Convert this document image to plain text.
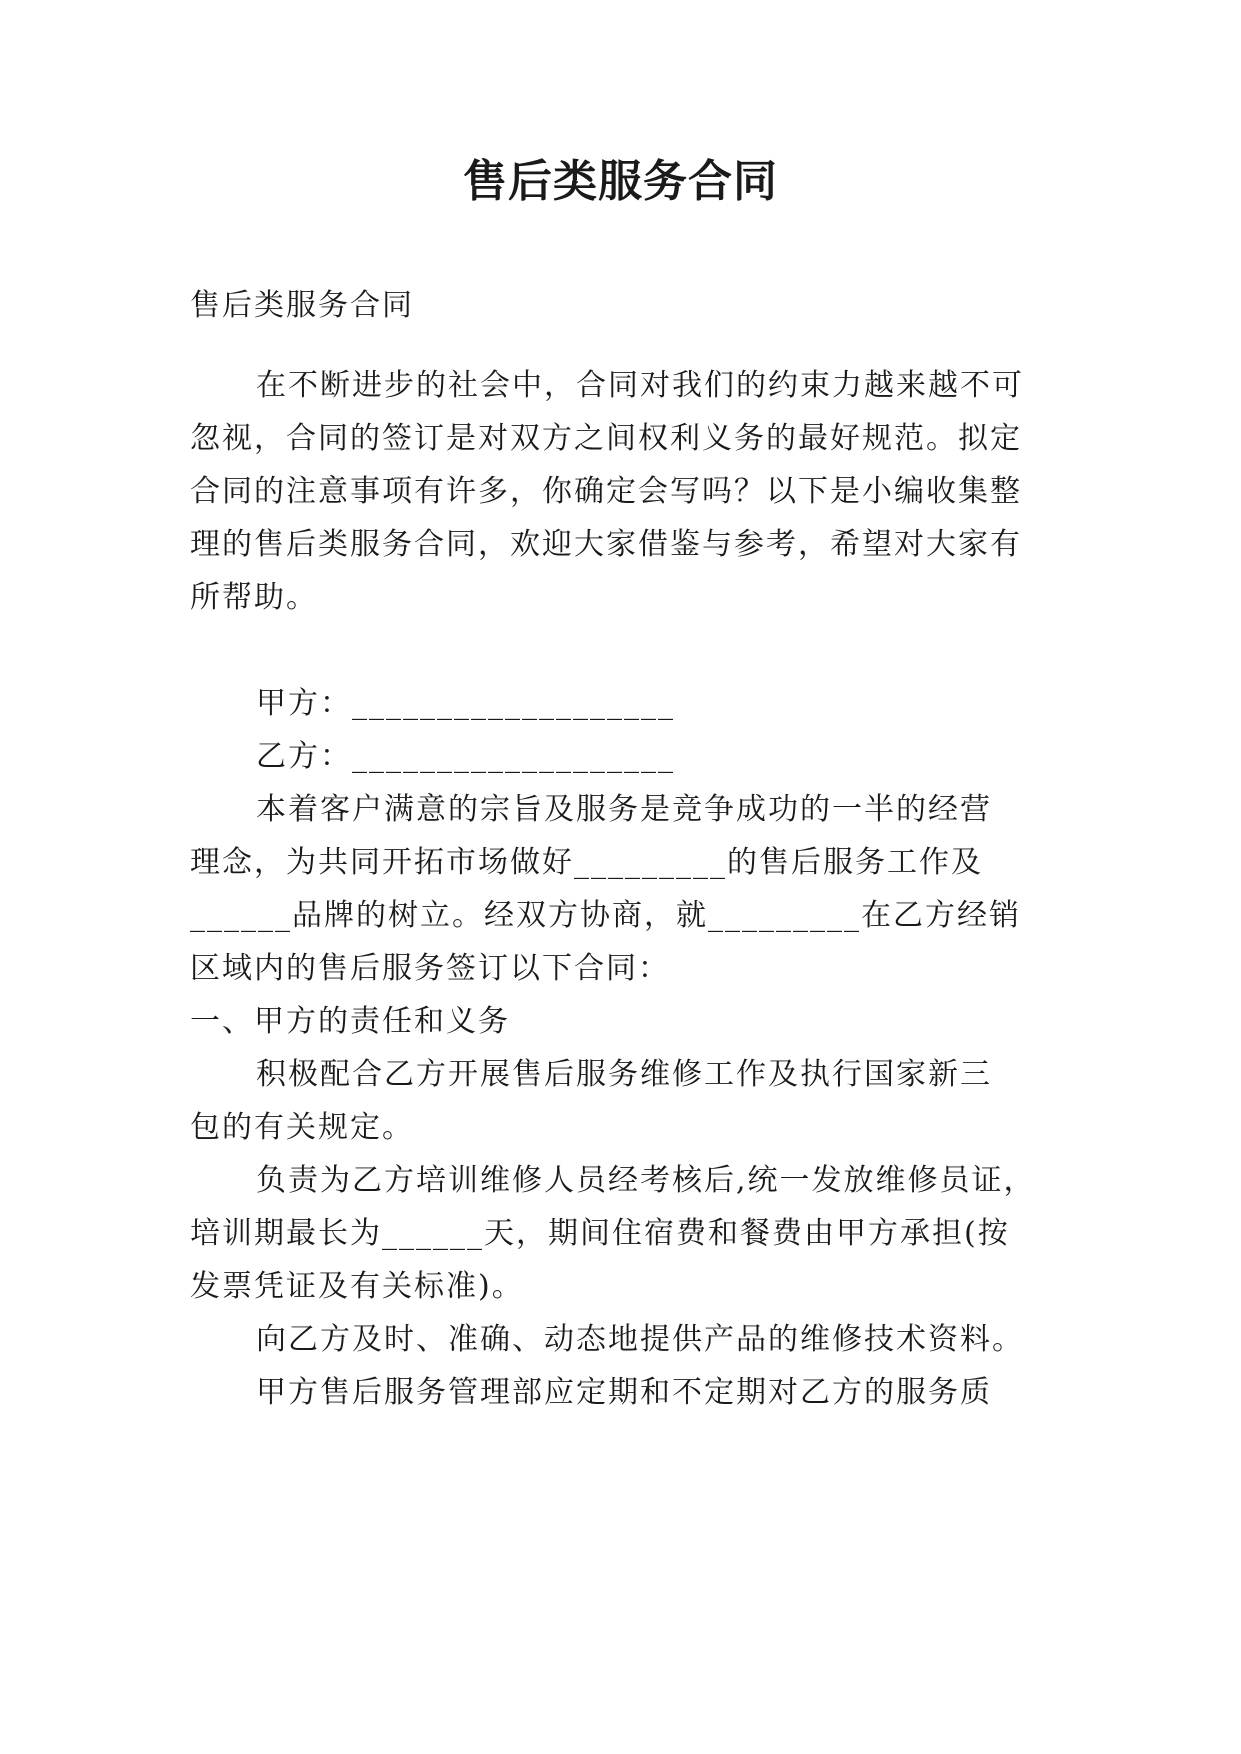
售后类服务合同
售后类服务合同
在不断进步的社会中，合同对我们的约束力越来越不可
忽视，合同的签订是对双方之间权利义务的最好规范。拟定
合同的注意事项有许多，你确定会写吗？以下是小编收集整
理的售后类服务合同，欢迎大家借鉴与参考，希望对大家有
所帮助。
甲方：___________________
乙方：___________________
本着客户满意的宗旨及服务是竞争成功的一半的经营
理念，为共同开拓市场做好_________的售后服务工作及
______品牌的树立。经双方协商，就_________在乙方经销
区域内的售后服务签订以下合同：
一、甲方的责任和义务
积极配合乙方开展售后服务维修工作及执行国家新三
包的有关规定。
负责为乙方培训维修人员经考核后,统一发放维修员证，
培训期最长为______天，期间住宿费和餐费由甲方承担(按
发票凭证及有关标准)。
向乙方及时、准确、动态地提供产品的维修技术资料。
甲方售后服务管理部应定期和不定期对乙方的服务质
